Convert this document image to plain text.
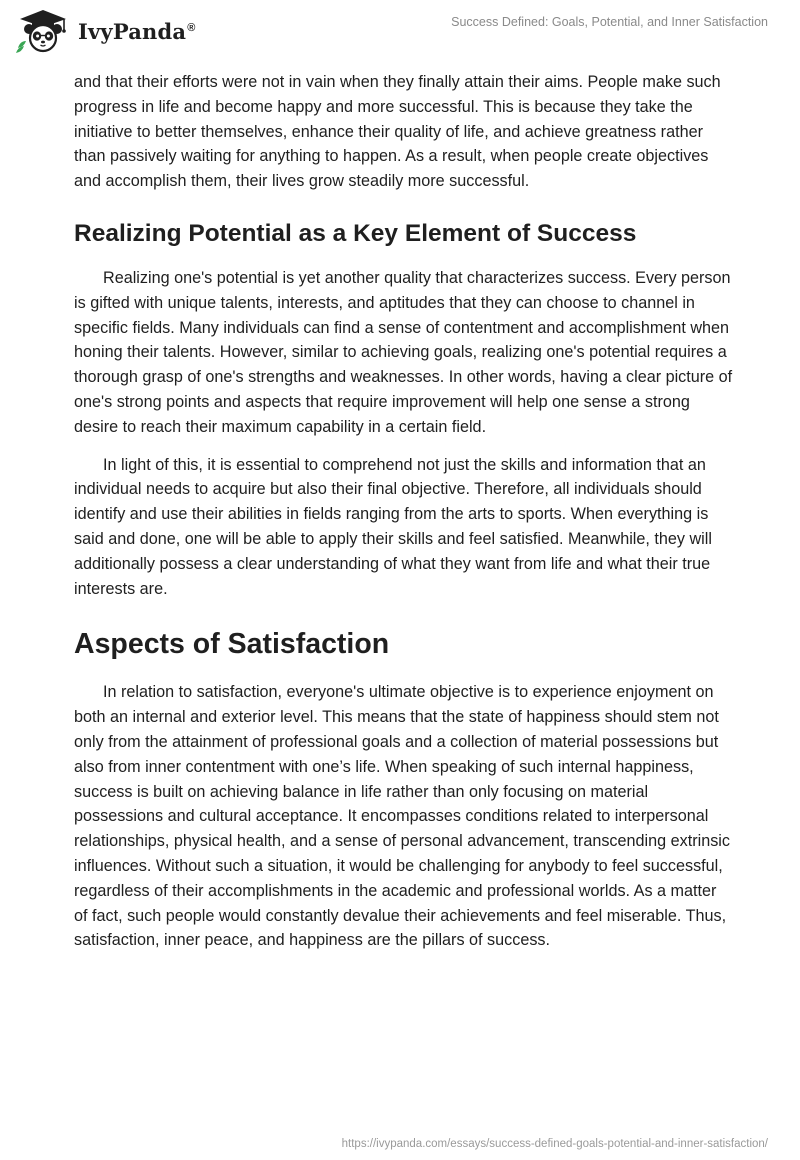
IvyPanda®	Success Defined: Goals, Potential, and Inner Satisfaction

and that their efforts were not in vain when they finally attain their aims. People make such progress in life and become happy and more successful. This is because they take the initiative to better themselves, enhance their quality of life, and achieve greatness rather than passively waiting for anything to happen. As a result, when people create objectives and accomplish them, their lives grow steadily more successful.

Realizing Potential as a Key Element of Success

Realizing one's potential is yet another quality that characterizes success. Every person is gifted with unique talents, interests, and aptitudes that they can choose to channel in specific fields. Many individuals can find a sense of contentment and accomplishment when honing their talents. However, similar to achieving goals, realizing one's potential requires a thorough grasp of one's strengths and weaknesses. In other words, having a clear picture of one's strong points and aspects that require improvement will help one sense a strong desire to reach their maximum capability in a certain field.

In light of this, it is essential to comprehend not just the skills and information that an individual needs to acquire but also their final objective. Therefore, all individuals should identify and use their abilities in fields ranging from the arts to sports. When everything is said and done, one will be able to apply their skills and feel satisfied. Meanwhile, they will additionally possess a clear understanding of what they want from life and what their true interests are.

Aspects of Satisfaction

In relation to satisfaction, everyone's ultimate objective is to experience enjoyment on both an internal and exterior level. This means that the state of happiness should stem not only from the attainment of professional goals and a collection of material possessions but also from inner contentment with one’s life. When speaking of such internal happiness, success is built on achieving balance in life rather than only focusing on material possessions and cultural acceptance. It encompasses conditions related to interpersonal relationships, physical health, and a sense of personal advancement, transcending extrinsic influences. Without such a situation, it would be challenging for anybody to feel successful, regardless of their accomplishments in the academic and professional worlds. As a matter of fact, such people would constantly devalue their achievements and feel miserable. Thus, satisfaction, inner peace, and happiness are the pillars of success.

https://ivypanda.com/essays/success-defined-goals-potential-and-inner-satisfaction/
